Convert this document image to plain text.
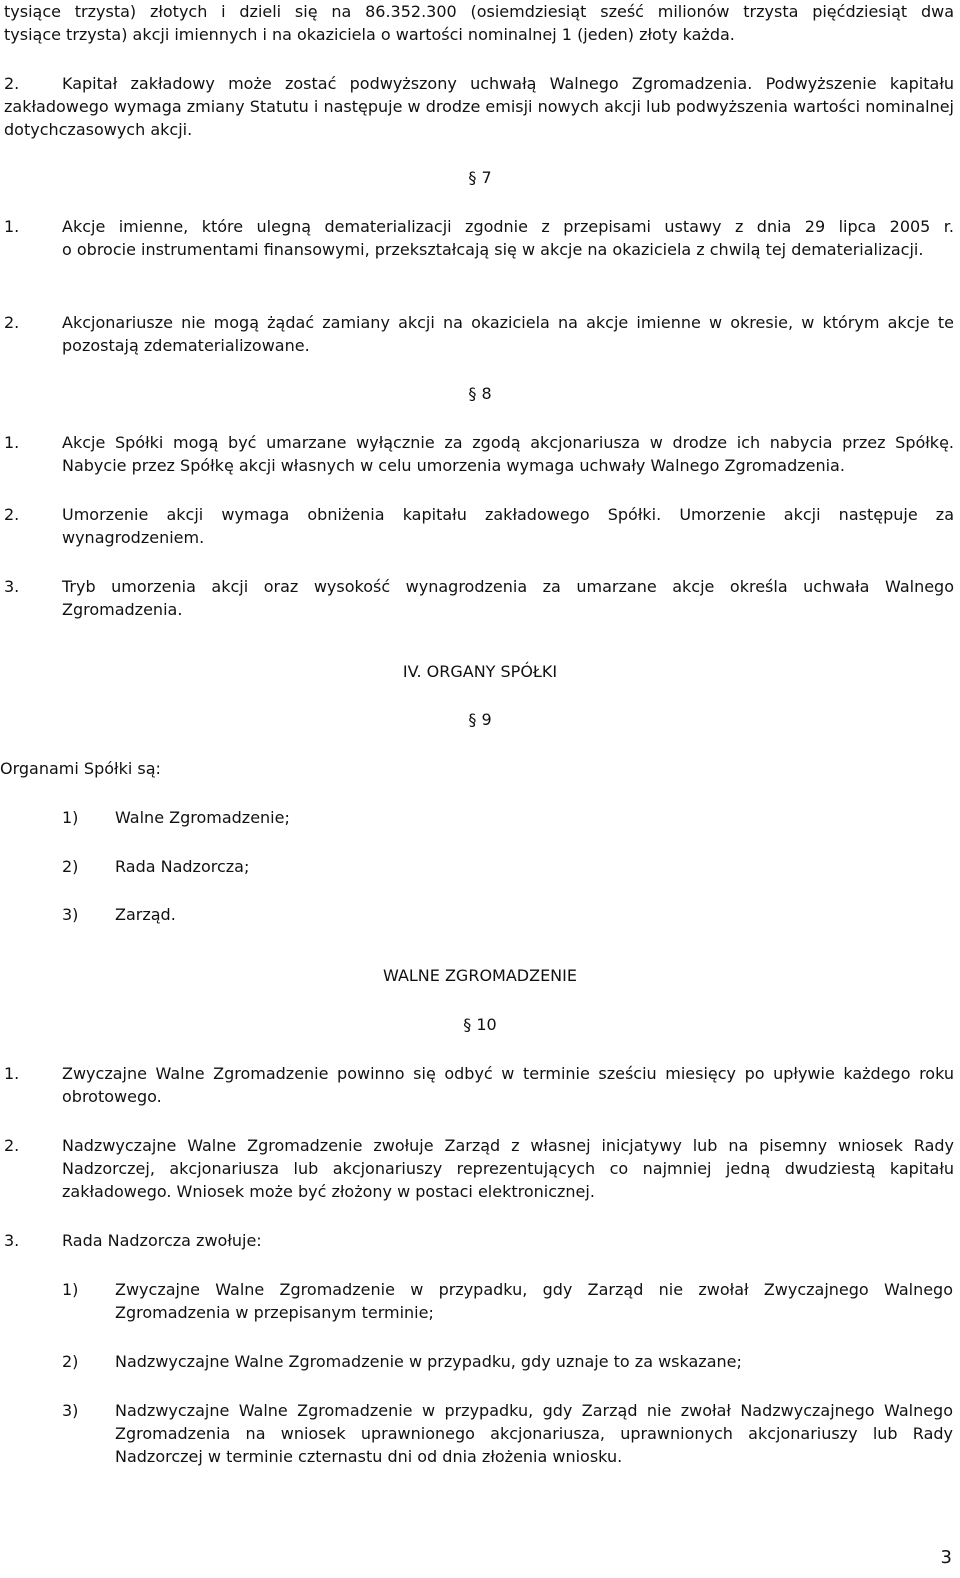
tysiące trzysta) złotych i dzieli się na 86.352.300 (osiemdziesiąt sześć milionów trzysta pięćdziesiąt dwa

tysiące trzysta) akcji imiennych i na okaziciela o wartości nominalnej 1 (jeden) złoty każda.

2.	Kapitał zakładowy może zostać podwyższony uchwałą Walnego Zgromadzenia. Podwyższenie kapitału zakładowego wymaga zmiany Statutu i następuje w drodze emisji nowych akcji lub podwyższenia wartości nominalnej dotychczasowych akcji.

§ 7

1.	Akcje imienne, które ulegną dematerializacji zgodnie z przepisami ustawy z dnia 29 lipca 2005 r.

o obrocie instrumentami finansowymi, przekształcają się w akcje na okaziciela z chwilą tej dematerializacji.

2.	Akcjonariusze nie mogą żądać zamiany akcji na okaziciela na akcje imienne w okresie, w którym akcje te pozostają zdematerializowane.

§ 8

1.	Akcje Spółki mogą być umarzane wyłącznie za zgodą akcjonariusza w drodze ich nabycia przez Spółkę.

Nabycie przez Spółkę akcji własnych w celu umorzenia wymaga uchwały Walnego Zgromadzenia.

2.	Umorzenie akcji wymaga obniżenia kapitału zakładowego Spółki. Umorzenie akcji następuje za wynagrodzeniem.

3.	Tryb umorzenia akcji oraz wysokość wynagrodzenia za umarzane akcje określa uchwała Walnego Zgromadzenia.

IV. ORGANY SPÓŁKI

§ 9

Organami Spółki są:

1) Walne Zgromadzenie;

2) Rada Nadzorcza;

3) Zarząd.

WALNE ZGROMADZENIE

§ 10

1.	Zwyczajne Walne Zgromadzenie powinno się odbyć w terminie sześciu miesięcy po upływie każdego roku obrotowego.

2.	Nadzwyczajne Walne Zgromadzenie zwołuje Zarząd z własnej inicjatywy lub na pisemny wniosek Rady Nadzorczej, akcjonariusza lub akcjonariuszy reprezentujących co najmniej jedną dwudziestą kapitału zakładowego. Wniosek może być złożony w postaci elektronicznej.

3.	Rada Nadzorcza zwołuje:

1) Zwyczajne Walne Zgromadzenie w przypadku, gdy Zarząd nie zwołał Zwyczajnego Walnego Zgromadzenia w przepisanym terminie;

2) Nadzwyczajne Walne Zgromadzenie w przypadku, gdy uznaje to za wskazane;

3) Nadzwyczajne Walne Zgromadzenie w przypadku, gdy Zarząd nie zwołał Nadzwyczajnego Walnego Zgromadzenia na wniosek uprawnionego akcjonariusza, uprawnionych akcjonariuszy lub Rady Nadzorczej w terminie czternastu dni od dnia złożenia wniosku.

3
